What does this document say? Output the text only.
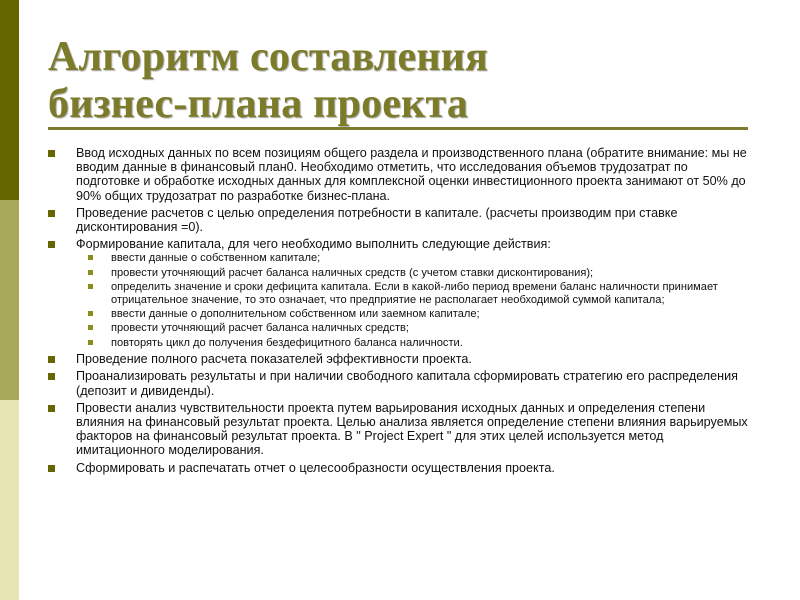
Алгоритм составления
бизнес-плана проекта
Ввод исходных данных по всем позициям общего раздела и производственного плана (обратите внимание: мы не вводим данные в финансовый план0. Необходимо отметить, что исследования объемов трудозатрат по подготовке и обработке исходных данных для комплексной оценки инвестиционного проекта занимают от 50% до 90% общих трудозатрат по разработке бизнес-плана.
Проведение расчетов с целью определения потребности в капитале. (расчеты производим при ставке дисконтирования =0).
Формирование капитала, для чего необходимо выполнить следующие действия:
ввести данные о собственном капитале;
провести уточняющий расчет баланса наличных средств (с учетом ставки дисконтирования);
определить значение и сроки дефицита капитала. Если в какой-либо период времени баланс наличности принимает отрицательное значение, то это означает, что предприятие не располагает необходимой суммой капитала;
ввести данные о дополнительном собственном или заемном капитале;
провести уточняющий расчет баланса наличных средств;
повторять цикл до получения бездефицитного баланса наличности.
Проведение полного расчета показателей эффективности проекта.
Проанализировать результаты и при наличии свободного капитала сформировать стратегию его распределения (депозит и дивиденды).
Провести анализ чувствительности проекта путем варьирования исходных данных и определения степени влияния на финансовый результат проекта. Целью анализа является определение степени влияния варьируемых факторов на финансовый результат проекта. В " Project Expert " для этих целей используется метод имитационного моделирования.
Сформировать и распечатать отчет о целесообразности осуществления проекта.
